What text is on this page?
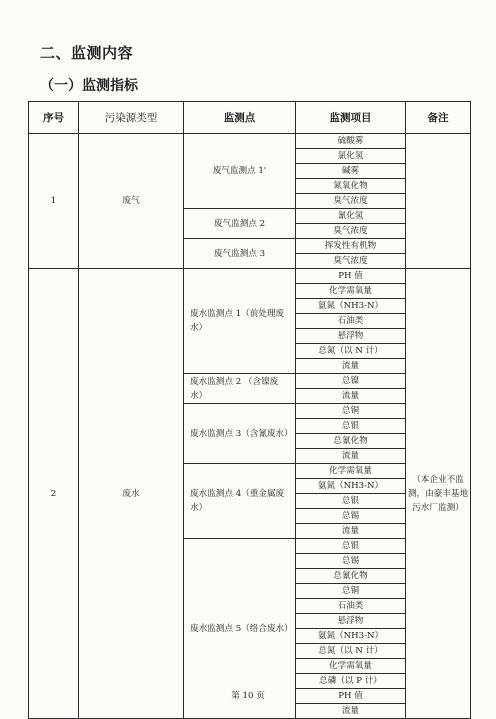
二、监测内容
（一）监测指标
序号	污染源类型	监测点	监测项目	备注
1	废气	废气监测点 1'	硫酸雾	
			氯化氢	
			碱雾	
			氮氧化物	
			臭气浓度	
		废气监测点 2	氰化氢	
			臭气浓度	
		废气监测点 3	挥发性有机物	
			臭气浓度	
2	废水	废水监测点 1（前处理废水）	PH 值	（本企业不监测，由豪丰基地污水厂监测）
			化学需氧量	
			氨氮（NH3-N）	
			石油类	
			悬浮物	
			总氮（以 N 计）	
			流量	
		废水监测点 2 （含镍废水）	总镍	
			流量	
		废水监测点 3（含氰废水）	总铜	
			总银	
			总氰化物	
			流量	
		废水监测点 4（重金属废水）	化学需氧量	
			氨氮（NH3-N）	
			总银	
			总锡	
			流量	
		废水监测点 5（络合废水）	总银	
			总锡	
			总氰化物	
			总铜	
			石油类	
			悬浮物	
			氨氮（NH3-N）	
			总氮（以 N 计）	
			化学需氧量	
			总磷（以 P 计）	
			PH 值	
			流量	
第 10 页
